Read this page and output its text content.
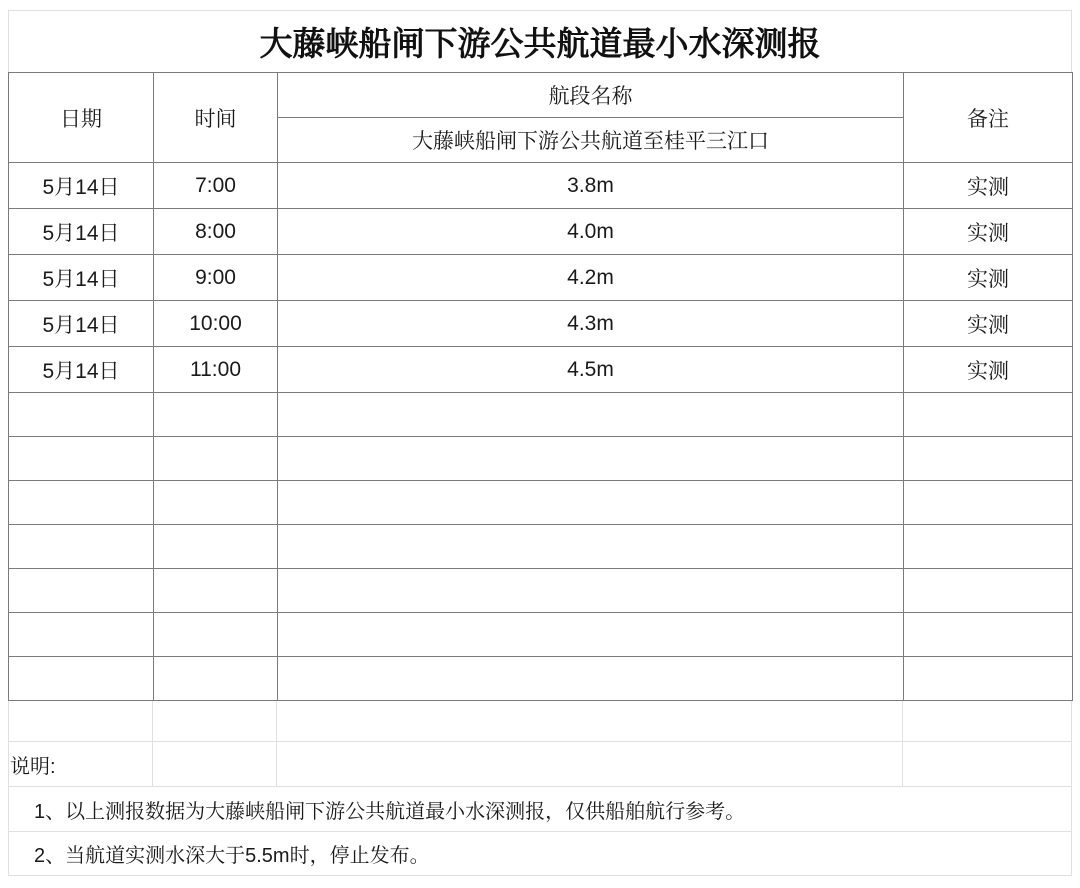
大藤峡船闸下游公共航道最小水深测报
日期	时间	航段名称	备注
		大藤峡船闸下游公共航道至桂平三江口	
5月14日	7:00	3.8m	实测
5月14日	8:00	4.0m	实测
5月14日	9:00	4.2m	实测
5月14日	10:00	4.3m	实测
5月14日	11:00	4.5m	实测

说明:
1、以上测报数据为大藤峡船闸下游公共航道最小水深测报，仅供船舶航行参考。
2、当航道实测水深大于5.5m时，停止发布。
